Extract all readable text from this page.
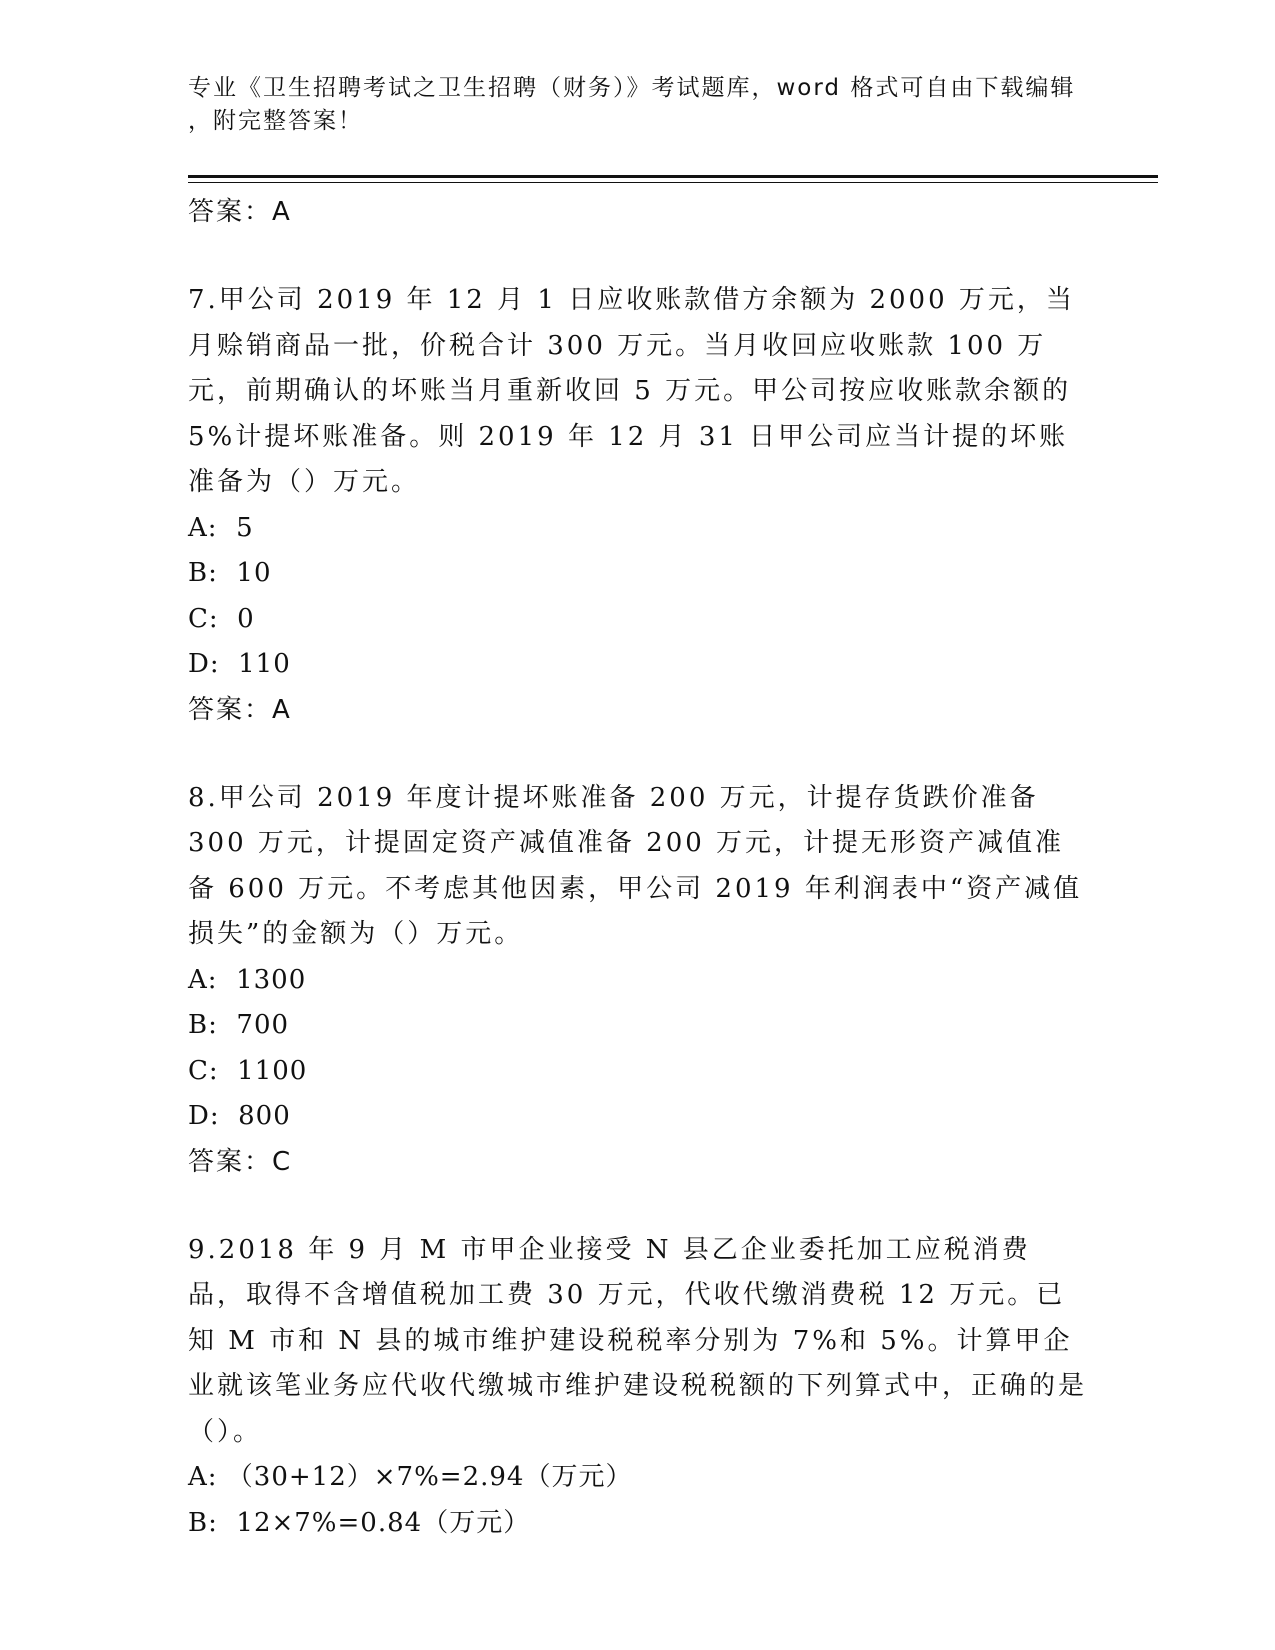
专业《卫生招聘考试之卫生招聘（财务）》考试题库，word 格式可自由下载编辑

，附完整答案！

答案：A

7.甲公司 2019 年 12 月 1 日应收账款借方余额为 2000 万元，当月赊销商品一批，价税合计 300 万元。当月收回应收账款 100 万元，前期确认的坏账当月重新收回 5 万元。甲公司按应收账款余额的 5%计提坏账准备。则 2019 年 12 月 31 日甲公司应当计提的坏账准备为（）万元。

A:  5

B:  10

C:  0

D:  110

答案：A

8.甲公司 2019 年度计提坏账准备 200 万元，计提存货跌价准备 300 万元，计提固定资产减值准备 200 万元，计提无形资产减值准备 600 万元。不考虑其他因素，甲公司 2019 年利润表中“资产减值损失”的金额为（）万元。

A:  1300

B:  700

C:  1100

D:  800

答案：C

9.2018 年 9 月 M 市甲企业接受 N 县乙企业委托加工应税消费品，取得不含增值税加工费 30 万元，代收代缴消费税 12 万元。已知 M 市和 N 县的城市维护建设税税率分别为 7%和 5%。计算甲企业就该笔业务应代收代缴城市维护建设税税额的下列算式中，正确的是（）。

A: （30+12）×7%=2.94（万元）

B:  12×7%=0.84（万元）
